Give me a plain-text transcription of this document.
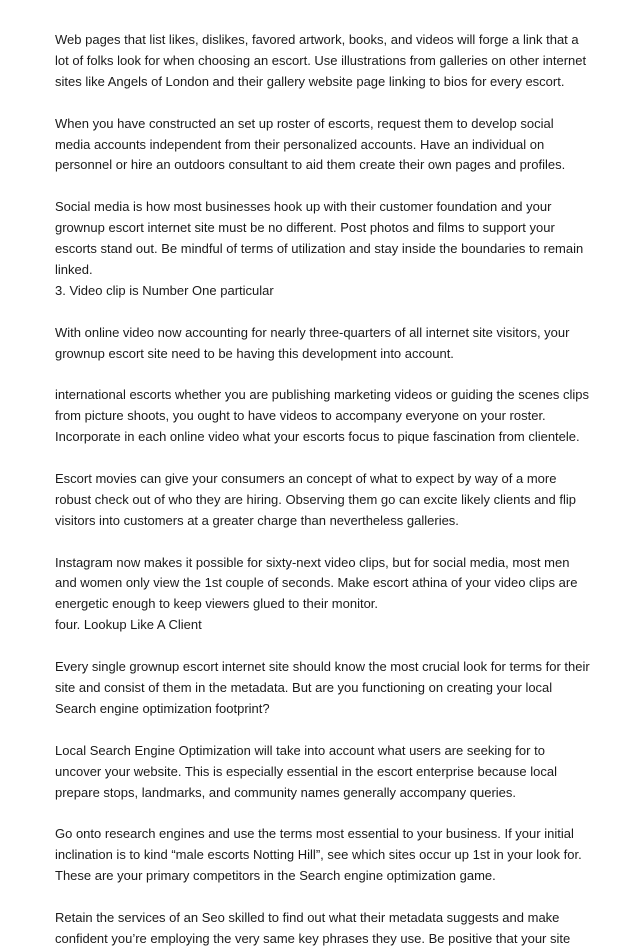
Web pages that list likes, dislikes, favored artwork, books, and videos will forge a link that a
lot of folks look for when choosing an escort. Use illustrations from galleries on other internet
sites like Angels of London and their gallery website page linking to bios for every escort.
When you have constructed an set up roster of escorts, request them to develop social
media accounts independent from their personalized accounts. Have an individual on
personnel or hire an outdoors consultant to aid them create their own pages and profiles.
Social media is how most businesses hook up with their customer foundation and your
grownup escort internet site must be no different. Post photos and films to support your
escorts stand out. Be mindful of terms of utilization and stay inside the boundaries to remain
linked.
3. Video clip is Number One particular
With online video now accounting for nearly three-quarters of all internet site visitors, your
grownup escort site need to be having this development into account.
international escorts whether you are publishing marketing videos or guiding the scenes clips
from picture shoots, you ought to have videos to accompany everyone on your roster.
Incorporate in each online video what your escorts focus to pique fascination from clientele.
Escort movies can give your consumers an concept of what to expect by way of a more
robust check out of who they are hiring. Observing them go can excite likely clients and flip
visitors into customers at a greater charge than nevertheless galleries.
Instagram now makes it possible for sixty-next video clips, but for social media, most men
and women only view the 1st couple of seconds. Make escort athina of your video clips are
energetic enough to keep viewers glued to their monitor.
four. Lookup Like A Client
Every single grownup escort internet site should know the most crucial look for terms for their
site and consist of them in the metadata. But are you functioning on creating your local
Search engine optimization footprint?
Local Search Engine Optimization will take into account what users are seeking for to
uncover your website. This is especially essential in the escort enterprise because local
prepare stops, landmarks, and community names generally accompany queries.
Go onto research engines and use the terms most essential to your business. If your initial
inclination is to kind “male escorts Notting Hill”, see which sites occur up 1st in your look for.
These are your primary competitors in the Search engine optimization game.
Retain the services of an Seo skilled to find out what their metadata suggests and make
confident you’re employing the very same key phrases they use. Be positive that your site
